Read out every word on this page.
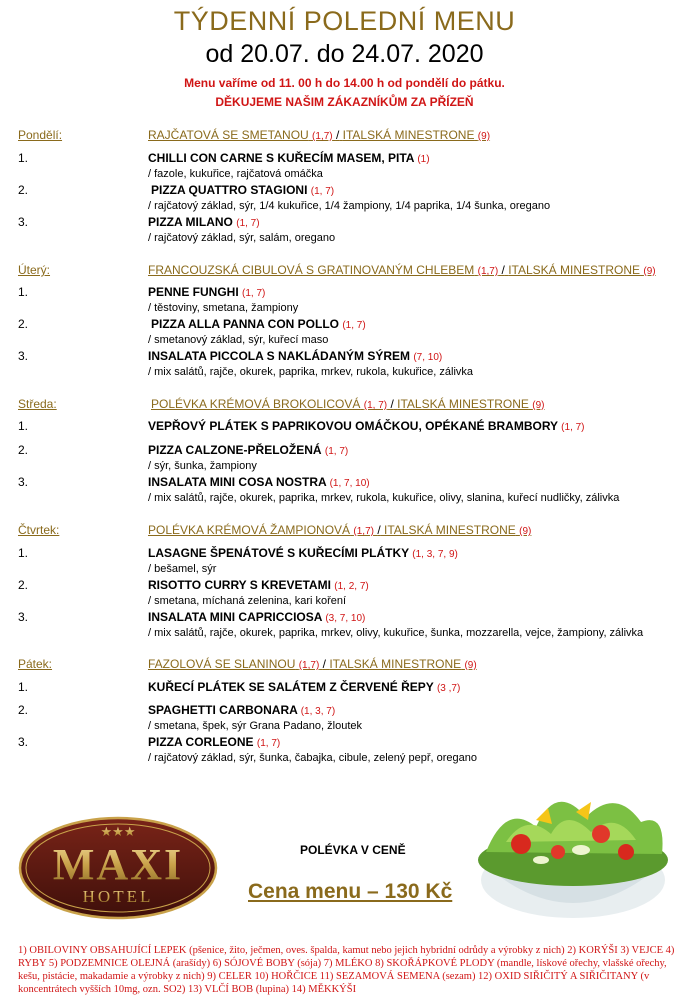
TÝDENNÍ POLEDNÍ MENU
od 20.07. do 24.07. 2020
Menu vaříme od 11. 00 h do 14.00 h od pondělí do pátku.
DĚKUJEME NAŠIM ZÁKAZNÍKŮM ZA PŘÍZEŇ
Pondělí:	RAJČATOVÁ SE SMETANOU (1,7) / ITALSKÁ MINESTRONE (9)
1.	CHILLI CON CARNE S KUŘECÍM MASEM, PITA (1)
/ fazole, kukuřice, rajčatová omáčka
2.	PIZZA QUATTRO STAGIONI (1, 7)
/ rajčatový základ, sýr, 1/4 kukuřice, 1/4 žampiony, 1/4 paprika, 1/4 šunka, oregano
3.	PIZZA MILANO (1, 7)
/ rajčatový základ, sýr, salám, oregano
Úterý:	FRANCOUZSKÁ CIBULOVÁ S GRATINOVANÝM CHLEBEM (1,7) / ITALSKÁ MINESTRONE (9)
1.	PENNE FUNGHI (1, 7)
/ těstoviny, smetana, žampiony
2.	PIZZA ALLA PANNA CON POLLO (1, 7)
/ smetanový základ, sýr, kuřecí maso
3.	INSALATA PICCOLA S NAKLÁDANÝM SÝREM (7, 10)
/ mix salátů, rajče, okurek, paprika, mrkev, rukola, kukuřice, zálivka
Středa:	POLÉVKA KRÉMOVÁ BROKOLICOVÁ (1, 7) / ITALSKÁ MINESTRONE (9)
1.	VEPŘOVÝ PLÁTEK S PAPRIKOVOU OMÁČKOU, OPÉKANÉ BRAMBORY (1, 7)
2.	PIZZA CALZONE-PŘELOŽENÁ (1, 7)
/ sýr, šunka, žampiony
3.	INSALATA MINI COSA NOSTRA (1, 7, 10)
/ mix salátů, rajče, okurek, paprika, mrkev, rukola, kukuřice, olivy, slanina, kuřecí nudličky, zálivka
Čtvrtek:	POLÉVKA KRÉMOVÁ ŽAMPIONOVÁ (1,7) / ITALSKÁ MINESTRONE (9)
1.	LASAGNE ŠPENÁTOVÉ S KUŘECÍMI PLÁTKY (1, 3, 7, 9)
/ bešamel, sýr
2.	RISOTTO CURRY S KREVETAMI (1, 2, 7)
/ smetana, míchaná zelenina, kari koření
3.	INSALATA MINI CAPRICCIOSA (3, 7, 10)
/ mix salátů, rajče, okurek, paprika, mrkev, olivy, kukuřice, šunka, mozzarella, vejce, žampiony, zálivka
Pátek:	FAZOLOVÁ SE SLANINOU (1,7) / ITALSKÁ MINESTRONE (9)
1.	KUŘECÍ PLÁTEK SE SALÁTEM Z ČERVENÉ ŘEPY (3 ,7)
2.	SPAGHETTI CARBONARA (1, 3, 7)
/ smetana, špek, sýr Grana Padano, žloutek
3.	PIZZA CORLEONE (1, 7)
/ rajčatový základ, sýr, šunka, čabajka, cibule, zelený pepř, oregano
★★★
MAXI
HOTEL
POLÉVKA V CENĚ
Cena menu – 130 Kč
1) OBILOVINY OBSAHUJÍCÍ LEPEK (pšenice, žito, ječmen, oves. špalda, kamut nebo jejich hybridní odrůdy a výrobky z nich) 2) KORÝŠI 3) VEJCE 4) RYBY 5) PODZEMNICE OLEJNÁ (arašídy) 6) SÓJOVÉ BOBY (sója) 7) MLÉKO 8) SKOŘÁPKOVÉ PLODY (mandle, lískové ořechy, vlašské ořechy, kešu, pistácie, makadamie a výrobky z nich) 9) CELER 10) HOŘČICE 11) SEZAMOVÁ SEMENA (sezam) 12) OXID SIŘIČITÝ A SIŘIČITANY (v koncentrátech vyšších 10mg, ozn. SO2) 13) VLČÍ BOB (lupina) 14) MĚKKÝŠI
